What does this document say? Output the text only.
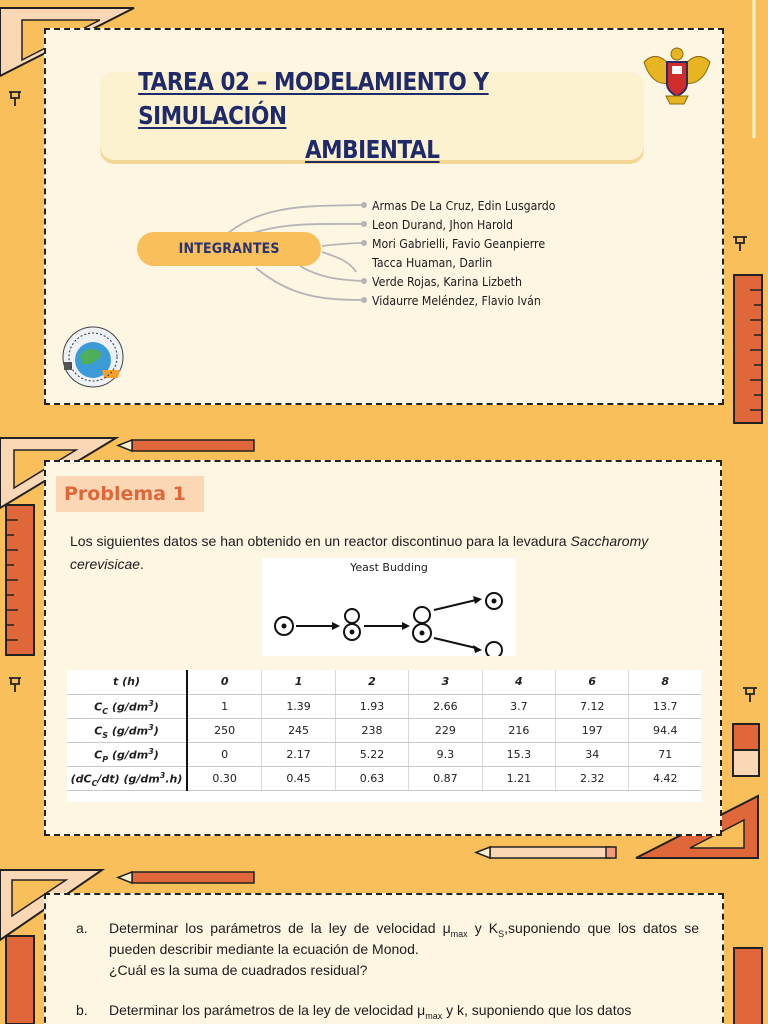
TAREA 02 – MODELAMIENTO Y SIMULACIÓN
AMBIENTAL
INTEGRANTES
Armas De La Cruz, Edin Lusgardo
Leon Durand, Jhon Harold
Mori Gabrielli, Favio Geanpierre
Tacca Huaman, Darlin
Verde Rojas, Karina Lizbeth
Vidaurre Meléndez, Flavio Iván
Problema 1
Los siguientes datos se han obtenido en un reactor discontinuo para la levadura Saccharomy cerevisicae.	Yeast Budding
t (h)	0	1	2	3	4	6	8
$C_C$ $(g/dm^3)$	1	1.39	1.93	2.66	3.7	7.12	13.7
$C_S$ $(g/dm^3)$	250	245	238	229	216	197	94.4
$C_P$ $(g/dm^3)$	0	2.17	5.22	9.3	15.3	34	71
$(dC_C/dt)$ $(g/dm^3.h)$	0.30	0.45	0.63	0.87	1.21	2.32	4.42
a. Determinar los parámetros de la ley de velocidad $\mu_{max}$ y $K_S,suponiendo$ que los datos se pueden describir mediante la ecuación de Monod.
¿Cuál es la suma de cuadrados residual?
b. Determinar los parámetros de la ley de velocidad $\mu_{max}$ y k, suponiendo que los datos
